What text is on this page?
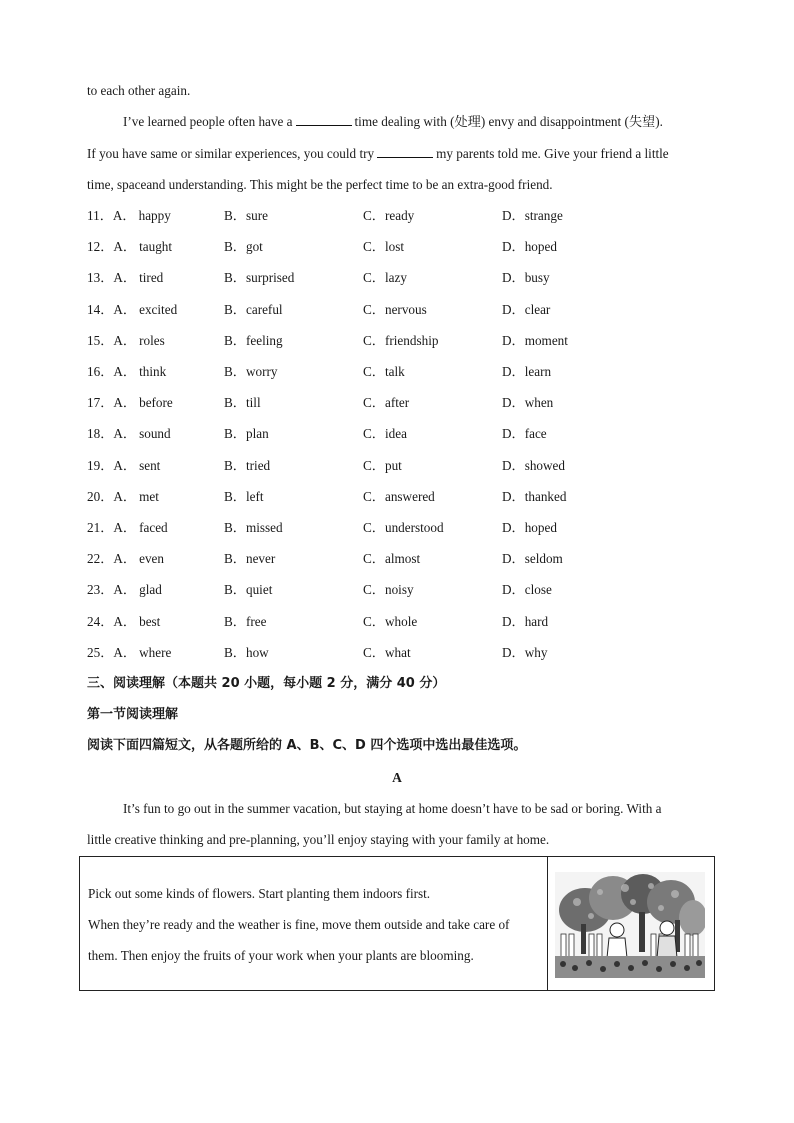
to each other again.
I’ve learned people often have a	time dealing with (处理) envy and disappointment (失望).
If you have same or similar experiences, you could try	my parents told me. Give your friend a little
time, spaceand understanding. This might be the perfect time to be an extra-good friend.
11．A． happy	B．sure	C．ready	D．strange
12．A． taught	B．got	C．lost	D．hoped
13．A． tired	B．surprised	C．lazy	D．busy
14．A． excited	B．careful	C．nervous	D．clear
15．A． roles	B．feeling	C．friendship	D．moment
16．A． think	B．worry	C．talk	D．learn
17．A． before	B．till	C．after	D．when
18．A． sound	B．plan	C．idea	D．face
19．A． sent	B．tried	C．put	D．showed
20．A． met	B．left	C．answered	D．thanked
21．A． faced	B．missed	C．understood	D．hoped
22．A． even	B．never	C．almost	D．seldom
23．A． glad	B．quiet	C．noisy	D．close
24．A． best	B．free	C．whole	D．hard
25．A． where	B．how	C．what	D．why
三、阅读理解（本题共 20 小题，每小题 2 分，满分 40 分）
第一节阅读理解
阅读下面四篇短文，从各题所给的 A、B、C、D 四个选项中选出最佳选项。
A
It’s fun to go out in the summer vacation, but staying at home doesn’t have to be sad or boring. With a
little creative thinking and pre-planning, you’ll enjoy staying with your family at home.
Pick out some kinds of flowers. Start planting them indoors first.
When they’re ready and the weather is fine, move them outside and take care of
them. Then enjoy the fruits of your work when your plants are blooming.
